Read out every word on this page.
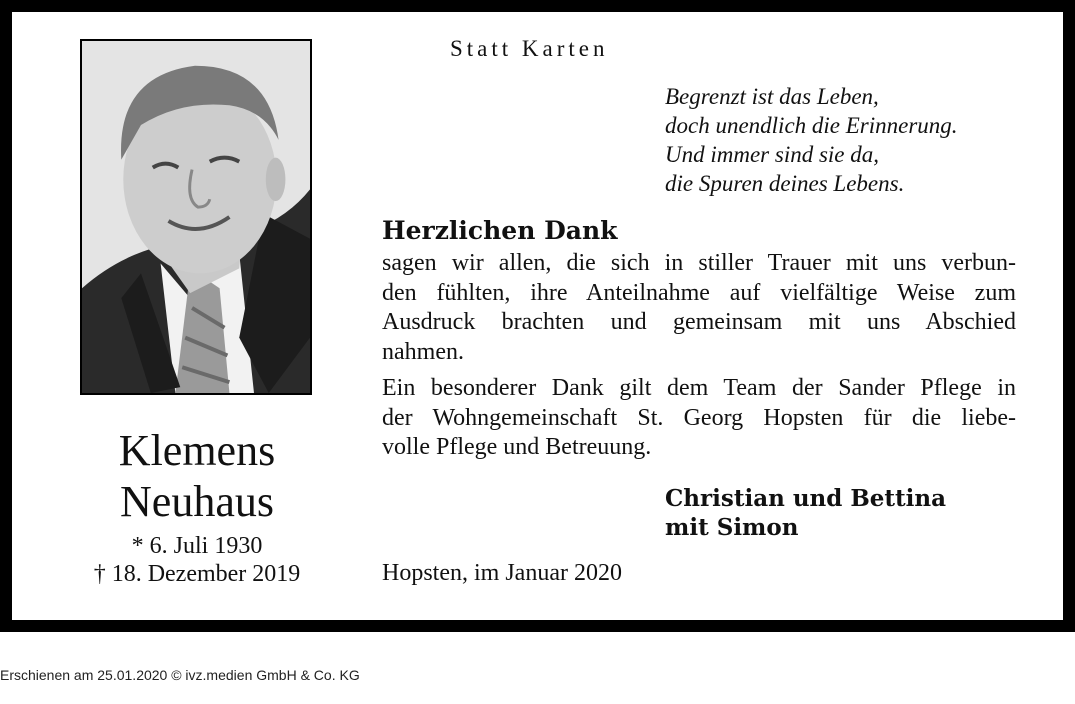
Klemens
Neuhaus
* 6. Juli 1930
† 18. Dezember 2019
Statt Karten
Begrenzt ist das Leben,
doch unendlich die Erinnerung.
Und immer sind sie da,
die Spuren deines Lebens.
Herzlichen Dank
sagen wir allen, die sich in stiller Trauer mit uns verbun-
den fühlten, ihre Anteilnahme auf vielfältige Weise zum
Ausdruck brachten und gemeinsam mit uns Abschied
nahmen.
Ein besonderer Dank gilt dem Team der Sander Pflege in
der Wohngemeinschaft St. Georg Hopsten für die liebe-
volle Pflege und Betreuung.
Christian und Bettina
mit Simon
Hopsten, im Januar 2020
Erschienen am 25.01.2020 © ivz.medien GmbH & Co. KG
